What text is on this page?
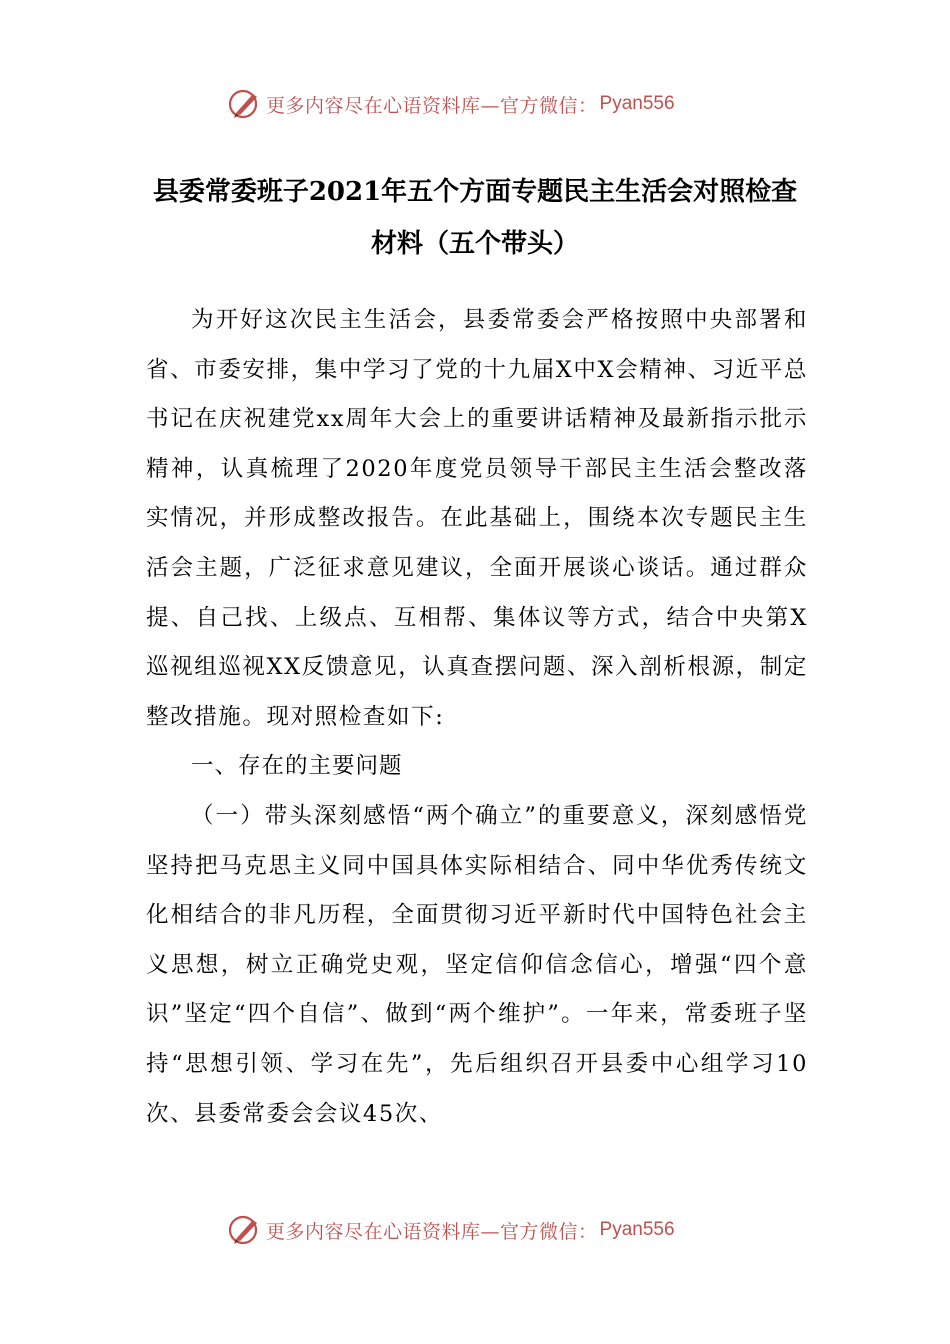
更多内容尽在心语资料库—官方微信： Pyan556
县委常委班子2021年五个方面专题民主生活会对照检查材料（五个带头）

为开好这次民主生活会，县委常委会严格按照中央部署和省、市委安排，集中学习了党的十九届X中X会精神、习近平总书记在庆祝建党xx周年大会上的重要讲话精神及最新指示批示精神，认真梳理了2020年度党员领导干部民主生活会整改落实情况，并形成整改报告。在此基础上，围绕本次专题民主生活会主题，广泛征求意见建议，全面开展谈心谈话。通过群众提、自己找、上级点、互相帮、集体议等方式，结合中央第X巡视组巡视XX反馈意见，认真查摆问题、深入剖析根源，制定整改措施。现对照检查如下:

一、存在的主要问题

（一）带头深刻感悟“两个确立”的重要意义，深刻感悟党坚持把马克思主义同中国具体实际相结合、同中华优秀传统文化相结合的非凡历程，全面贯彻习近平新时代中国特色社会主义思想，树立正确党史观，坚定信仰信念信心，增强“四个意识”坚定“四个自信”、做到“两个维护”。一年来，常委班子坚持“思想引领、学习在先”，先后组织召开县委中心组学习10次、县委常委会会议45次、

更多内容尽在心语资料库—官方微信： Pyan556
